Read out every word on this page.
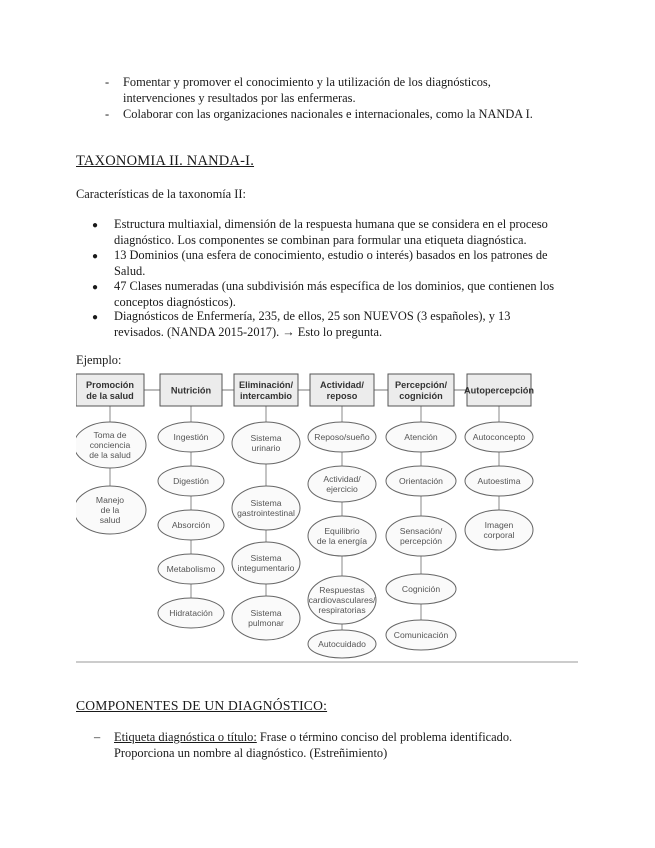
- Fomentar y promover el conocimiento y la utilización de los diagnósticos,
intervenciones y resultados por las enfermeras.
- Colaborar con las organizaciones nacionales e internacionales, como la NANDA I.
TAXONOMIA II. NANDA-I.
Características de la taxonomía II:
● Estructura multiaxial, dimensión de la respuesta humana que se considera en el proceso
diagnóstico. Los componentes se combinan para formular una etiqueta diagnóstica.
● 13 Dominios (una esfera de conocimiento, estudio o interés) basados en los patrones de
Salud.
● 47 Clases numeradas (una subdivisión más específica de los dominios, que contienen los
conceptos diagnósticos).
● Diagnósticos de Enfermería, 235, de ellos, 25 son NUEVOS (3 españoles), y 13
revisados. (NANDA 2015-2017). → Esto lo pregunta.
Ejemplo:
Promoción
de la salud
Toma de
conciencia
de la salud
Manejo
de la
salud
Nutrición
Ingestión
Digestión
Absorción
Metabolismo
Hidratación
Eliminación/
intercambio
Sistema
urinario
Sistema
gastrointestinal
Sistema
integumentario
Sistema
pulmonar
Actividad/
reposo
Reposo/sueño
Actividad/
ejercicio
Equilibrio
de la energía
Respuestas
cardiovasculares/
respiratorias
Autocuidado
Percepción/
cognición
Atención
Orientación
Sensación/
percepción
Cognición
Comunicación
Autopercepción
Autoconcepto
Autoestima
Imagen
corporal
COMPONENTES DE UN DIAGNÓSTICO:
– Etiqueta diagnóstica o título: Frase o término conciso del problema identificado.
Proporciona un nombre al diagnóstico. (Estreñimiento)
